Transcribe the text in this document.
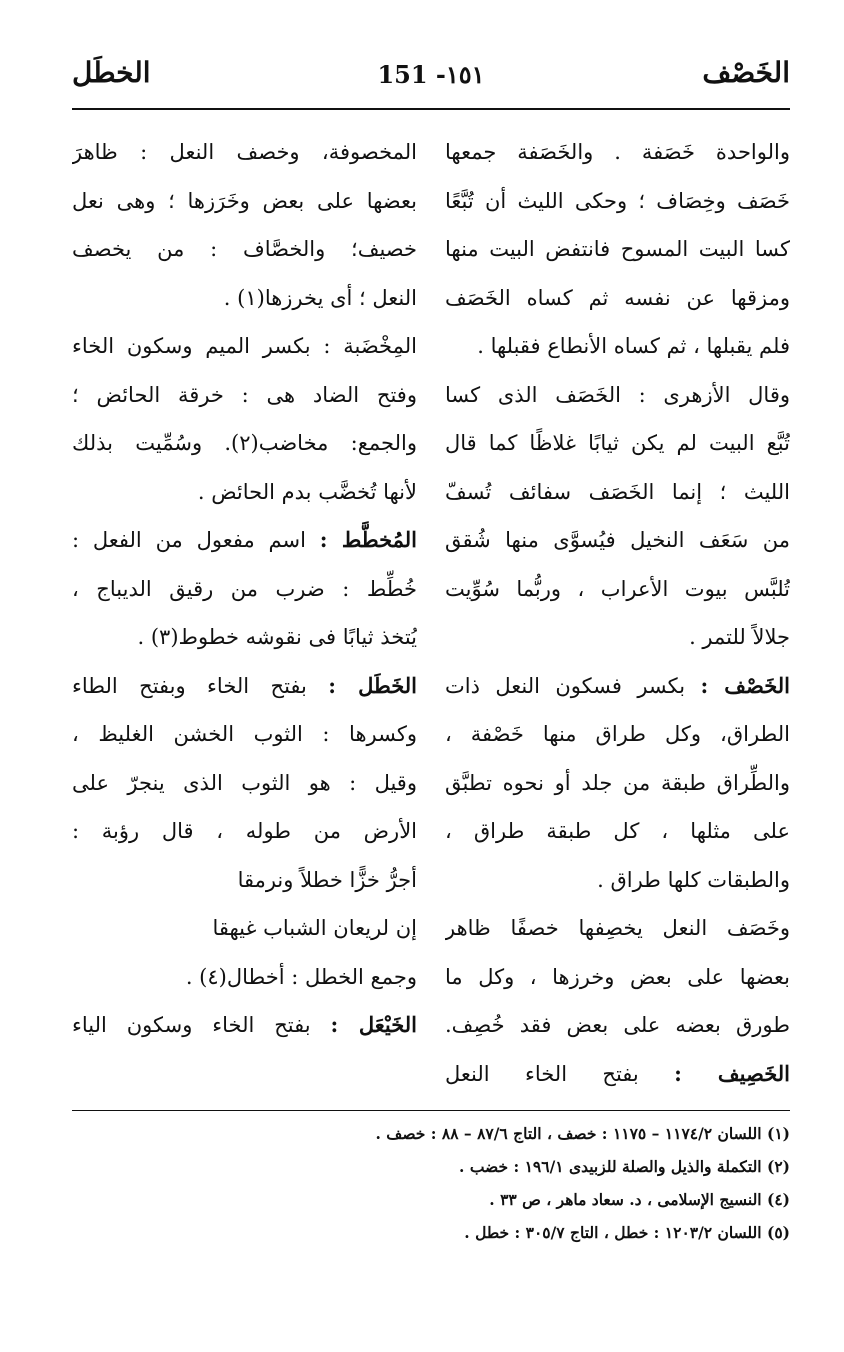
الخَصْف
151 -١٥١
الخطَل
والواحدة خَصَفة . والخَصَفة جمعها
خَصَف وخِصَاف ؛ وحكى الليث أن تُبَّعًا
كسا البيت المسوح فانتفض البيت منها
ومزقها عن نفسه ثم كساه الخَصَف
فلم يقبلها ، ثم كساه الأنطاع فقبلها .
وقال الأزهرى : الخَصَف الذى كسا
تُبَّع البيت لم يكن ثيابًا غلاظًا كما قال
الليث ؛ إنما الخَصَف سفائف تُسفّ
من سَعَف النخيل فيُسوَّى منها شُقق
تُلبَّس بيوت الأعراب ، وربُّما سُوِّيت
جلالاً للتمر .
الخَصْف : بكسر فسكون النعل ذات
الطراق، وكل طراق منها خَصْفة ،
والطِّراق طبقة من جلد أو نحوه تطبَّق
على مثلها ، كل طبقة طراق ،
والطبقات كلها طراق .
وخَصَف النعل يخصِفها خصفًا ظاهر
بعضها على بعض وخرزها ، وكل ما
طورق بعضه على بعض فقد خُصِف.
الخَصِيف : بفتح الخاء النعل
المخصوفة، وخصف النعل : ظاهرَ
بعضها على بعض وخَرَزها ؛ وهى نعل
خصيف؛ والخصَّاف : من يخصف
النعل ؛ أى يخرزها(١) .
المِخْضَبة : بكسر الميم وسكون الخاء
وفتح الضاد هى : خرقة الحائض ؛
والجمع: مخاضب(٢). وسُمِّيت بذلك
لأنها تُخضَّب بدم الحائض .
المُخطَّط : اسم مفعول من الفعل :
خُطِّط : ضرب من رقيق الديباج ،
يُتخذ ثيابًا فى نقوشه خطوط(٣) .
الخَطَل : بفتح الخاء وبفتح الطاء
وكسرها : الثوب الخشن الغليظ ،
وقيل : هو الثوب الذى ينجرّ على
الأرض من طوله ، قال رؤبة :
أجرُّ خزًّا خطلاً ونرمقا
إن لريعان الشباب غيهقا
وجمع الخطل : أخطال(٤) .
الخَيْعَل : بفتح الخاء وسكون الياء
(١) اللسان ١١٧٤/٢ – ١١٧٥ : خصف ، التاج ٨٧/٦ – ٨٨ : خصف .
(٢) التكملة والذيل والصلة للزبيدى ١٩٦/١ : خضب .
(٤) النسيج الإسلامى ، د. سعاد ماهر ، ص ٣٣ .
(٥) اللسان ١٢٠٣/٢ : خطل ، التاج ٣٠٥/٧ : خطل .
